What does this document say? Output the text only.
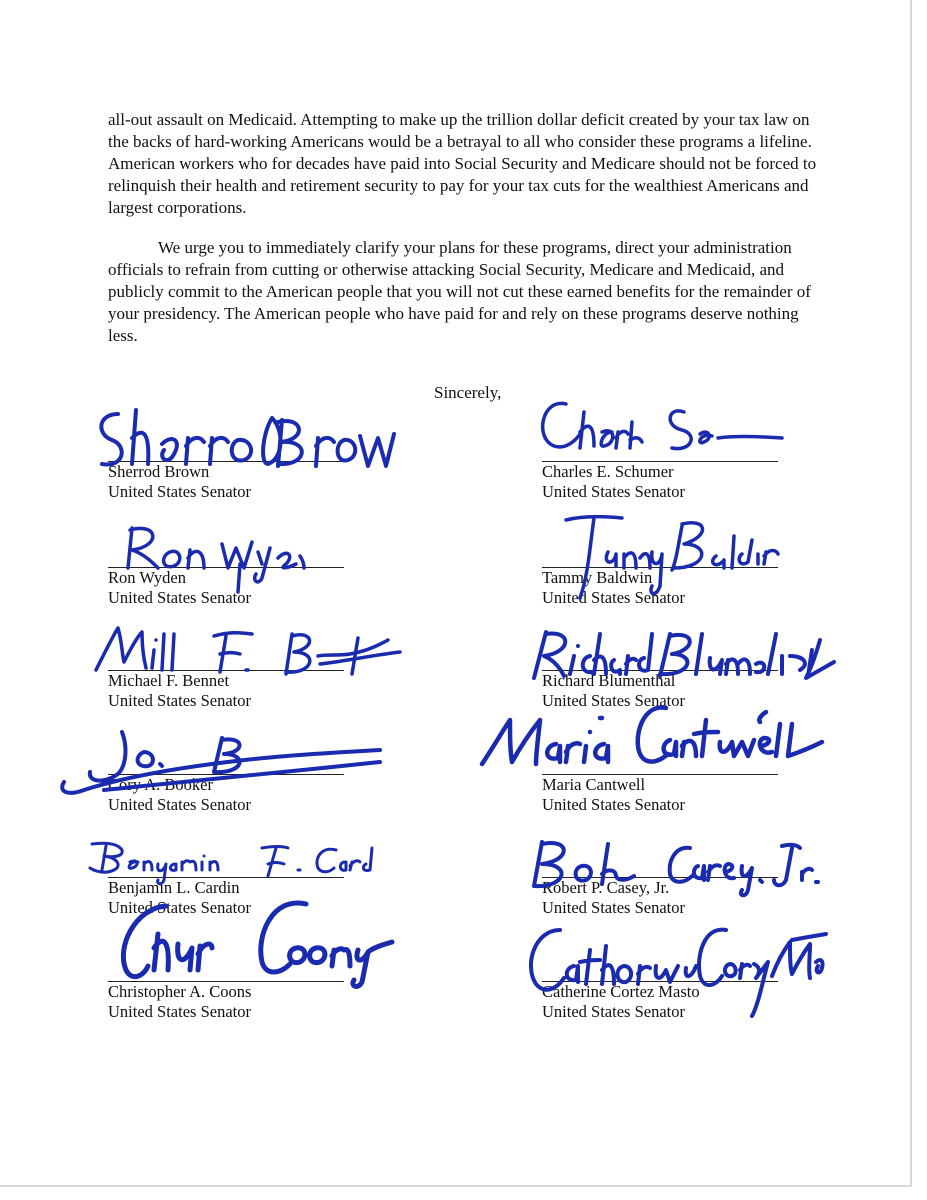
all-out assault on Medicaid. Attempting to make up the trillion dollar deficit created by your tax law on the backs of hard-working Americans would be a betrayal to all who consider these programs a lifeline. American workers who for decades have paid into Social Security and Medicare should not be forced to relinquish their health and retirement security to pay for your tax cuts for the wealthiest Americans and largest corporations.

We urge you to immediately clarify your plans for these programs, direct your administration officials to refrain from cutting or otherwise attacking Social Security, Medicare and Medicaid, and publicly commit to the American people that you will not cut these earned benefits for the remainder of your presidency. The American people who have paid for and rely on these programs deserve nothing less.

Sincerely,
Sherrod Brown
United States Senator
Ron Wyden
United States Senator
Michael F. Bennet
United States Senator
Cory A. Booker
United States Senator
Benjamin L. Cardin
United States Senator
Christopher A. Coons
United States Senator
Charles E. Schumer
United States Senator
Tammy Baldwin
United States Senator
Richard Blumenthal
United States Senator
Maria Cantwell
United States Senator
Robert P. Casey, Jr.
United States Senator
Catherine Cortez Masto
United States Senator
